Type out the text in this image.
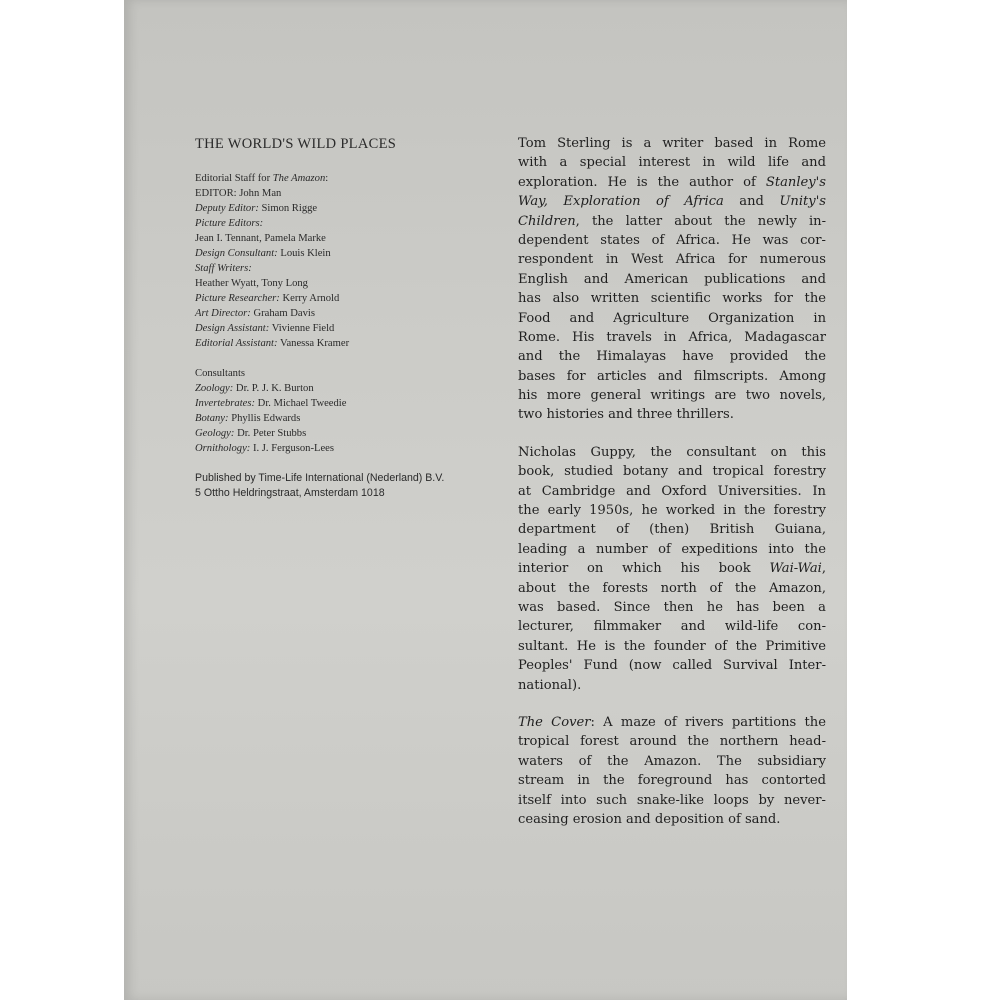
THE WORLD'S WILD PLACES
Editorial Staff for The Amazon:
EDITOR: John Man
Deputy Editor: Simon Rigge
Picture Editors:
Jean I. Tennant, Pamela Marke
Design Consultant: Louis Klein
Staff Writers:
Heather Wyatt, Tony Long
Picture Researcher: Kerry Arnold
Art Director: Graham Davis
Design Assistant: Vivienne Field
Editorial Assistant: Vanessa Kramer
Consultants
Zoology: Dr. P. J. K. Burton
Invertebrates: Dr. Michael Tweedie
Botany: Phyllis Edwards
Geology: Dr. Peter Stubbs
Ornithology: I. J. Ferguson-Lees
Published by Time-Life International (Nederland) B.V.
5 Ottho Heldringstraat, Amsterdam 1018
Tom Sterling is a writer based in Rome
with a special interest in wild life and
exploration. He is the author of Stanley's
Way, Exploration of Africa and Unity's
Children, the latter about the newly in-
dependent states of Africa. He was cor-
respondent in West Africa for numerous
English and American publications and
has also written scientific works for the
Food and Agriculture Organization in
Rome. His travels in Africa, Madagascar
and the Himalayas have provided the
bases for articles and filmscripts. Among
his more general writings are two novels,
two histories and three thrillers.
Nicholas Guppy, the consultant on this
book, studied botany and tropical forestry
at Cambridge and Oxford Universities. In
the early 1950s, he worked in the forestry
department of (then) British Guiana,
leading a number of expeditions into the
interior on which his book Wai-Wai,
about the forests north of the Amazon,
was based. Since then he has been a
lecturer, filmmaker and wild-life con-
sultant. He is the founder of the Primitive
Peoples' Fund (now called Survival Inter-
national).
The Cover: A maze of rivers partitions the
tropical forest around the northern head-
waters of the Amazon. The subsidiary
stream in the foreground has contorted
itself into such snake-like loops by never-
ceasing erosion and deposition of sand.
